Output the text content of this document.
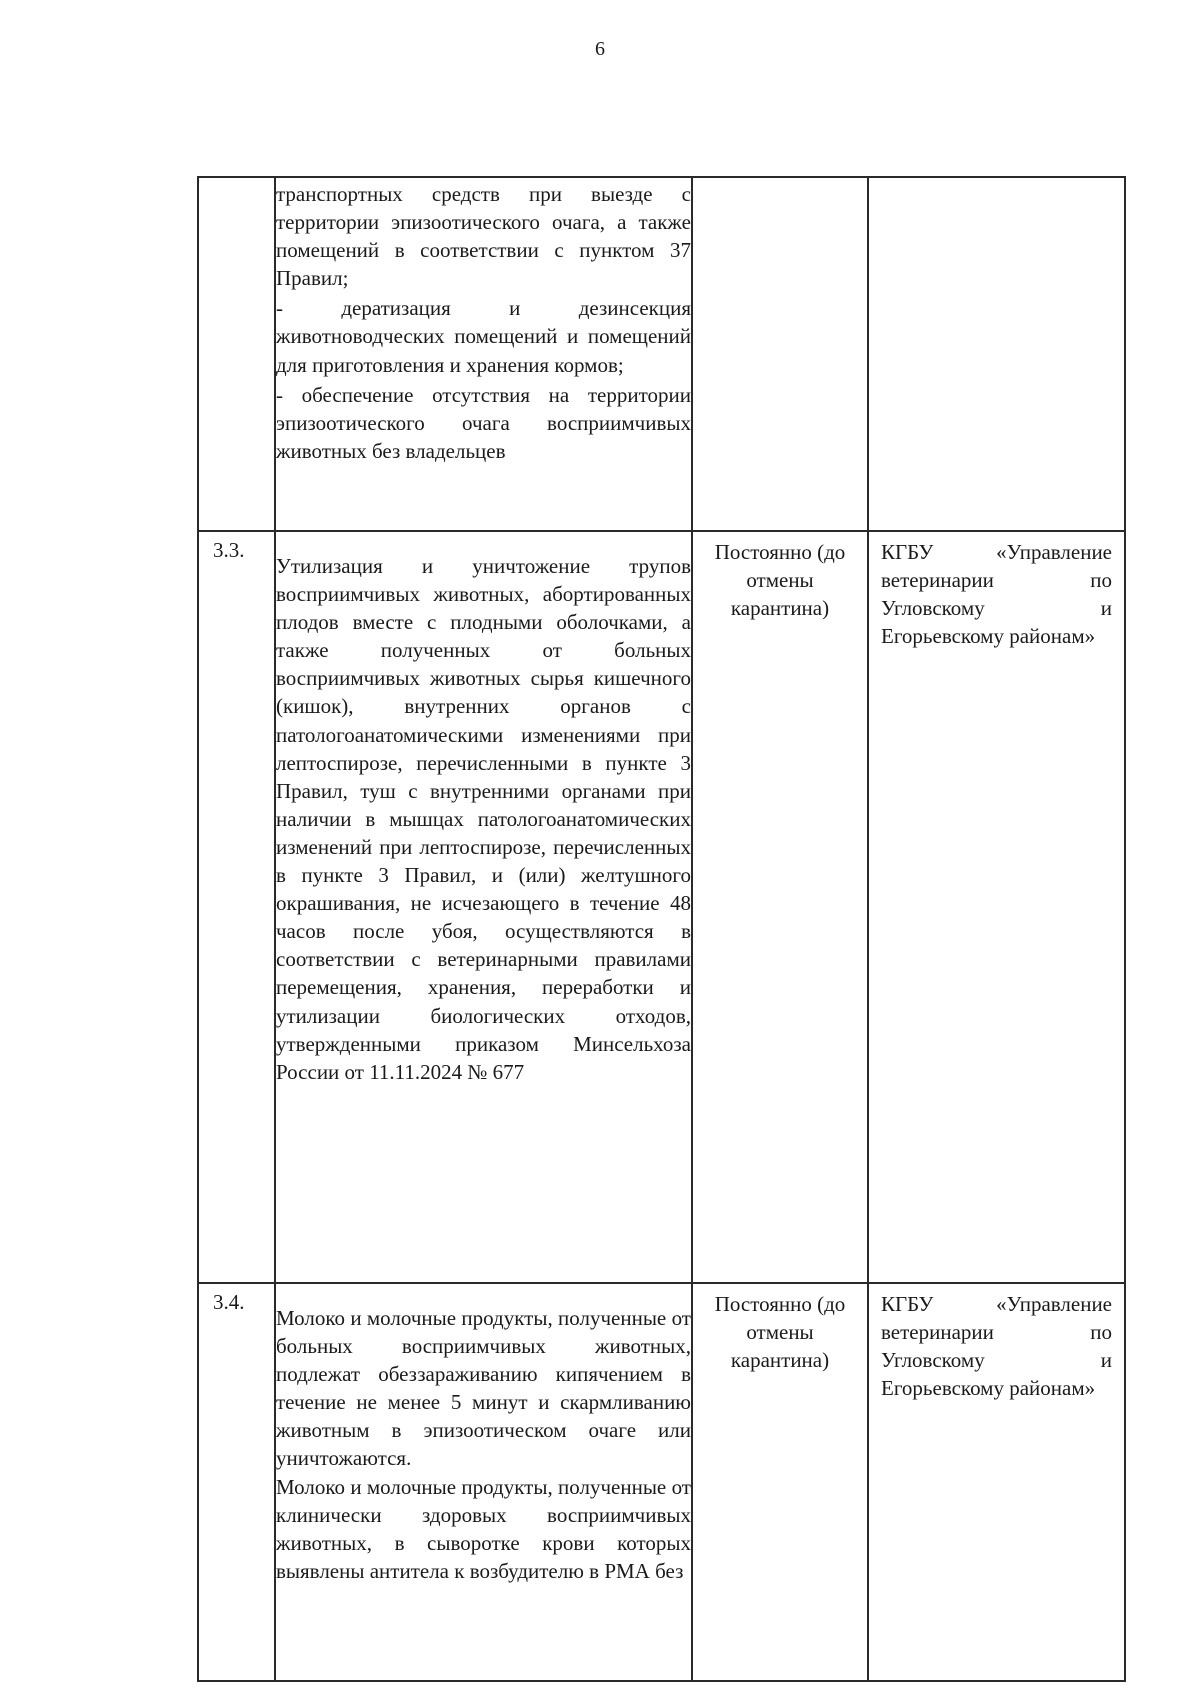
6

	транспортных средств при выезде с территории эпизоотического очага, а также помещений в соответствии с пунктом 37 Правил;

- дератизация и дезинсекция животноводческих помещений и помещений для приготовления и хранения кормов;

- обеспечение отсутствия на территории эпизоотического очага восприимчивых животных без владельцев		

3.3.	Утилизация и уничтожение трупов восприимчивых животных, абортированных плодов вместе с плодными оболочками, а также полученных от больных восприимчивых животных сырья кишечного (кишок), внутренних органов с патологоанатомическими изменениями при лептоспирозе, перечисленными в пункте 3 Правил, туш с внутренними органами при наличии в мышцах патологоанатомических изменений при лептоспирозе, перечисленных в пункте 3 Правил, и (или) желтушного окрашивания, не исчезающего в течение 48 часов после убоя, осуществляются в соответствии с ветеринарными правилами перемещения, хранения, переработки и утилизации биологических отходов, утвержденными приказом Минсельхоза России от 11.11.2024 № 677	Постоянно (до отмены карантина)	КГБУ «Управление ветеринарии по Угловскому и Егорьевскому районам»

3.4.	Молоко и молочные продукты, полученные от больных восприимчивых животных, подлежат обеззараживанию кипячением в течение не менее 5 минут и скармливанию животным в эпизоотическом очаге или уничтожаются.

Молоко и молочные продукты, полученные от клинически здоровых восприимчивых животных, в сыворотке крови которых выявлены антитела к возбудителю в РМА без	Постоянно (до отмены карантина)	КГБУ «Управление ветеринарии по Угловскому и Егорьевскому районам»
